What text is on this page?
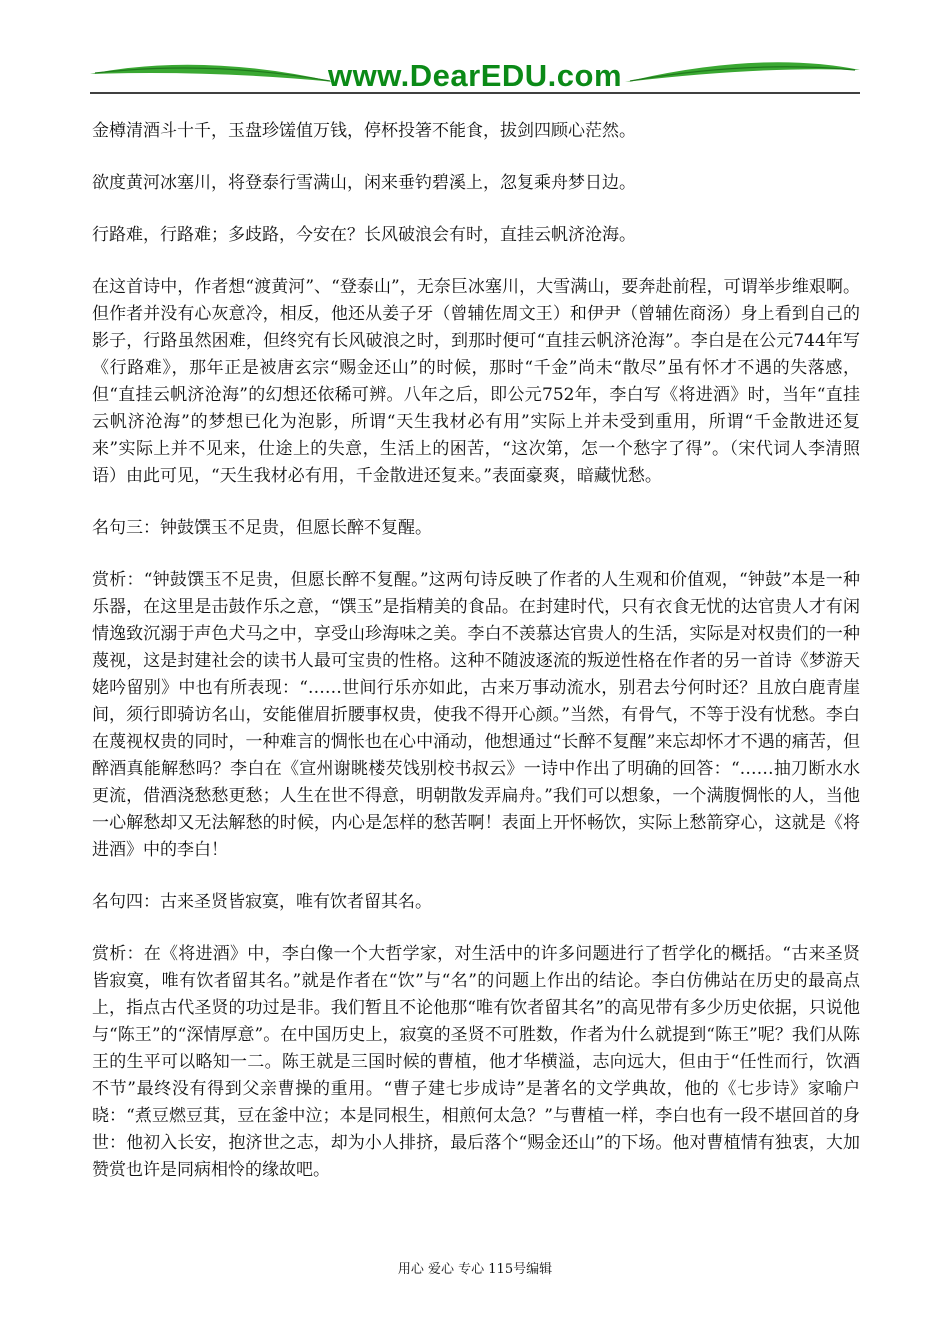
www.DearEDU.com

金樽清酒斗十千，玉盘珍馐值万钱，停杯投箸不能食，拔剑四顾心茫然。

欲度黄河冰塞川，将登泰行雪满山，闲来垂钓碧溪上，忽复乘舟梦日边。

行路难，行路难；多歧路，今安在？长风破浪会有时，直挂云帆济沧海。

在这首诗中，作者想“渡黄河”、“登泰山”，无奈巨冰塞川，大雪满山，要奔赴前程，可谓举步维艰啊。但作者并没有心灰意冷，相反，他还从姜子牙（曾辅佐周文王）和伊尹（曾辅佐商汤）身上看到自己的影子，行路虽然困难，但终究有长风破浪之时，到那时便可“直挂云帆济沧海”。李白是在公元744年写《行路难》，那年正是被唐玄宗“赐金还山”的时候，那时“千金”尚未“散尽”虽有怀才不遇的失落感，但“直挂云帆济沧海”的幻想还依稀可辨。八年之后，即公元752年，李白写《将进酒》时，当年“直挂云帆济沧海”的梦想已化为泡影，所谓“天生我材必有用”实际上并未受到重用，所谓“千金散进还复来”实际上并不见来，仕途上的失意，生活上的困苦，“这次第，怎一个愁字了得”。（宋代词人李清照语）由此可见，“天生我材必有用，千金散进还复来。”表面豪爽，暗藏忧愁。

名句三：钟鼓馔玉不足贵，但愿长醉不复醒。

赏析：“钟鼓馔玉不足贵，但愿长醉不复醒。”这两句诗反映了作者的人生观和价值观，“钟鼓”本是一种乐器，在这里是击鼓作乐之意，“馔玉”是指精美的食品。在封建时代，只有衣食无忧的达官贵人才有闲情逸致沉溺于声色犬马之中，享受山珍海味之美。李白不羡慕达官贵人的生活，实际是对权贵们的一种蔑视，这是封建社会的读书人最可宝贵的性格。这种不随波逐流的叛逆性格在作者的另一首诗《梦游天姥吟留别》中也有所表现：“……世间行乐亦如此，古来万事动流水，别君去兮何时还？且放白鹿青崖间，须行即骑访名山，安能催眉折腰事权贵，使我不得开心颜。”当然，有骨气，不等于没有忧愁。李白在蔑视权贵的同时，一种难言的惆怅也在心中涌动，他想通过“长醉不复醒”来忘却怀才不遇的痛苦，但醉酒真能解愁吗？李白在《宣州谢眺楼芡饯别校书叔云》一诗中作出了明确的回答：“……抽刀断水水更流，借酒浇愁愁更愁；人生在世不得意，明朝散发弄扁舟。”我们可以想象，一个满腹惆怅的人，当他一心解愁却又无法解愁的时候，内心是怎样的愁苦啊！表面上开怀畅饮，实际上愁箭穿心，这就是《将进酒》中的李白！

名句四：古来圣贤皆寂寞，唯有饮者留其名。

赏析：在《将进酒》中，李白像一个大哲学家，对生活中的许多问题进行了哲学化的概括。“古来圣贤皆寂寞，唯有饮者留其名。”就是作者在“饮”与“名”的问题上作出的结论。李白仿佛站在历史的最高点上，指点古代圣贤的功过是非。我们暂且不论他那“唯有饮者留其名”的高见带有多少历史依据，只说他与“陈王”的“深情厚意”。在中国历史上，寂寞的圣贤不可胜数，作者为什么就提到“陈王”呢？我们从陈王的生平可以略知一二。陈王就是三国时候的曹植，他才华横溢，志向远大，但由于“任性而行，饮酒不节”最终没有得到父亲曹操的重用。“曹子建七步成诗”是著名的文学典故，他的《七步诗》家喻户晓：“煮豆燃豆萁，豆在釜中泣；本是同根生，相煎何太急？”与曹植一样，李白也有一段不堪回首的身世：他初入长安，抱济世之志，却为小人排挤，最后落个“赐金还山”的下场。他对曹植情有独衷，大加赞赏也许是同病相怜的缘故吧。

用心 爱心 专心 115号编辑
